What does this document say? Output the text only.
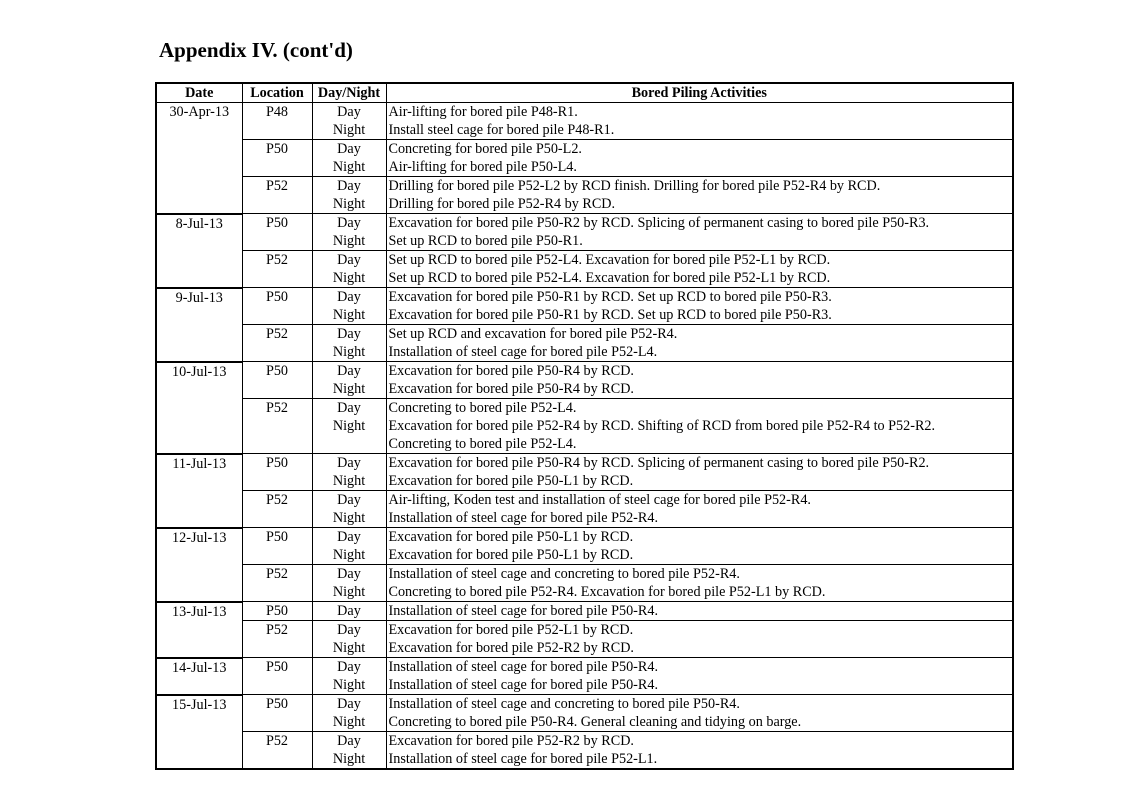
Appendix IV. (cont'd)
Date	Location	Day/Night	Bored Piling Activities
30-Apr-13	P48	Day	Air-lifting for bored pile P48-R1.
		Night	Install steel cage for bored pile P48-R1.
	P50	Day	Concreting for bored pile P50-L2.
		Night	Air-lifting for bored pile P50-L4.
	P52	Day	Drilling for bored pile P52-L2 by RCD finish. Drilling for bored pile P52-R4 by RCD.
		Night	Drilling for bored pile P52-R4 by RCD.
8-Jul-13	P50	Day	Excavation for bored pile P50-R2 by RCD. Splicing of permanent casing to bored pile P50-R3.
		Night	Set up RCD to bored pile P50-R1.
	P52	Day	Set up RCD to bored pile P52-L4. Excavation for bored pile P52-L1 by RCD.
		Night	Set up RCD to bored pile P52-L4. Excavation for bored pile P52-L1 by RCD.
9-Jul-13	P50	Day	Excavation for bored pile P50-R1 by RCD. Set up RCD to bored pile P50-R3.
		Night	Excavation for bored pile P50-R1 by RCD. Set up RCD to bored pile P50-R3.
	P52	Day	Set up RCD and excavation for bored pile P52-R4.
		Night	Installation of steel cage for bored pile P52-L4.
10-Jul-13	P50	Day	Excavation for bored pile P50-R4 by RCD.
		Night	Excavation for bored pile P50-R4 by RCD.
	P52	Day	Concreting to bored pile P52-L4.
		Night	Excavation for bored pile P52-R4 by RCD. Shifting of RCD from bored pile P52-R4 to P52-R2.
			Concreting to bored pile P52-L4.
11-Jul-13	P50	Day	Excavation for bored pile P50-R4 by RCD. Splicing of permanent casing to bored pile P50-R2.
		Night	Excavation for bored pile P50-L1 by RCD.
	P52	Day	Air-lifting, Koden test and installation of steel cage for bored pile P52-R4.
		Night	Installation of steel cage for bored pile P52-R4.
12-Jul-13	P50	Day	Excavation for bored pile P50-L1 by RCD.
		Night	Excavation for bored pile P50-L1 by RCD.
	P52	Day	Installation of steel cage and concreting to bored pile P52-R4.
		Night	Concreting to bored pile P52-R4. Excavation for bored pile P52-L1 by RCD.
13-Jul-13	P50	Day	Installation of steel cage for bored pile P50-R4.
	P52	Day	Excavation for bored pile P52-L1 by RCD.
		Night	Excavation for bored pile P52-R2 by RCD.
14-Jul-13	P50	Day	Installation of steel cage for bored pile P50-R4.
		Night	Installation of steel cage for bored pile P50-R4.
15-Jul-13	P50	Day	Installation of steel cage and concreting to bored pile P50-R4.
		Night	Concreting to bored pile P50-R4. General cleaning and tidying on barge.
	P52	Day	Excavation for bored pile P52-R2 by RCD.
		Night	Installation of steel cage for bored pile P52-L1.
